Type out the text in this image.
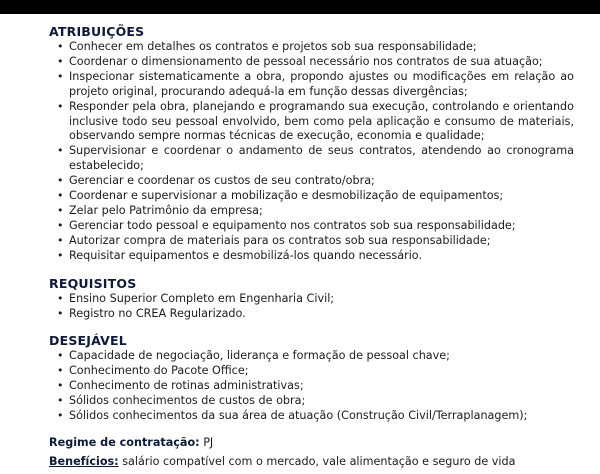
ATRIBUIÇÕES
• Conhecer em detalhes os contratos e projetos sob sua responsabilidade;
• Coordenar o dimensionamento de pessoal necessário nos contratos de sua atuação;
• Inspecionar sistematicamente a obra, propondo ajustes ou modificações em relação ao projeto original, procurando adequá-la em função dessas divergências;
• Responder pela obra, planejando e programando sua execução, controlando e orientando inclusive todo seu pessoal envolvido, bem como pela aplicação e consumo de materiais, observando sempre normas técnicas de execução, economia e qualidade;
• Supervisionar e coordenar o andamento de seus contratos, atendendo ao cronograma estabelecido;
• Gerenciar e coordenar os custos de seu contrato/obra;
• Coordenar e supervisionar a mobilização e desmobilização de equipamentos;
• Zelar pelo Patrimônio da empresa;
• Gerenciar todo pessoal e equipamento nos contratos sob sua responsabilidade;
• Autorizar compra de materiais para os contratos sob sua responsabilidade;
• Requisitar equipamentos e desmobilizá-los quando necessário.
REQUISITOS
• Ensino Superior Completo em Engenharia Civil;
• Registro no CREA Regularizado.
DESEJÁVEL
• Capacidade de negociação, liderança e formação de pessoal chave;
• Conhecimento do Pacote Office;
• Conhecimento de rotinas administrativas;
• Sólidos conhecimentos de custos de obra;
• Sólidos conhecimentos da sua área de atuação (Construção Civil/Terraplanagem);

Regime de contratação: PJ

Benefícios: salário compatível com o mercado, vale alimentação e seguro de vida
